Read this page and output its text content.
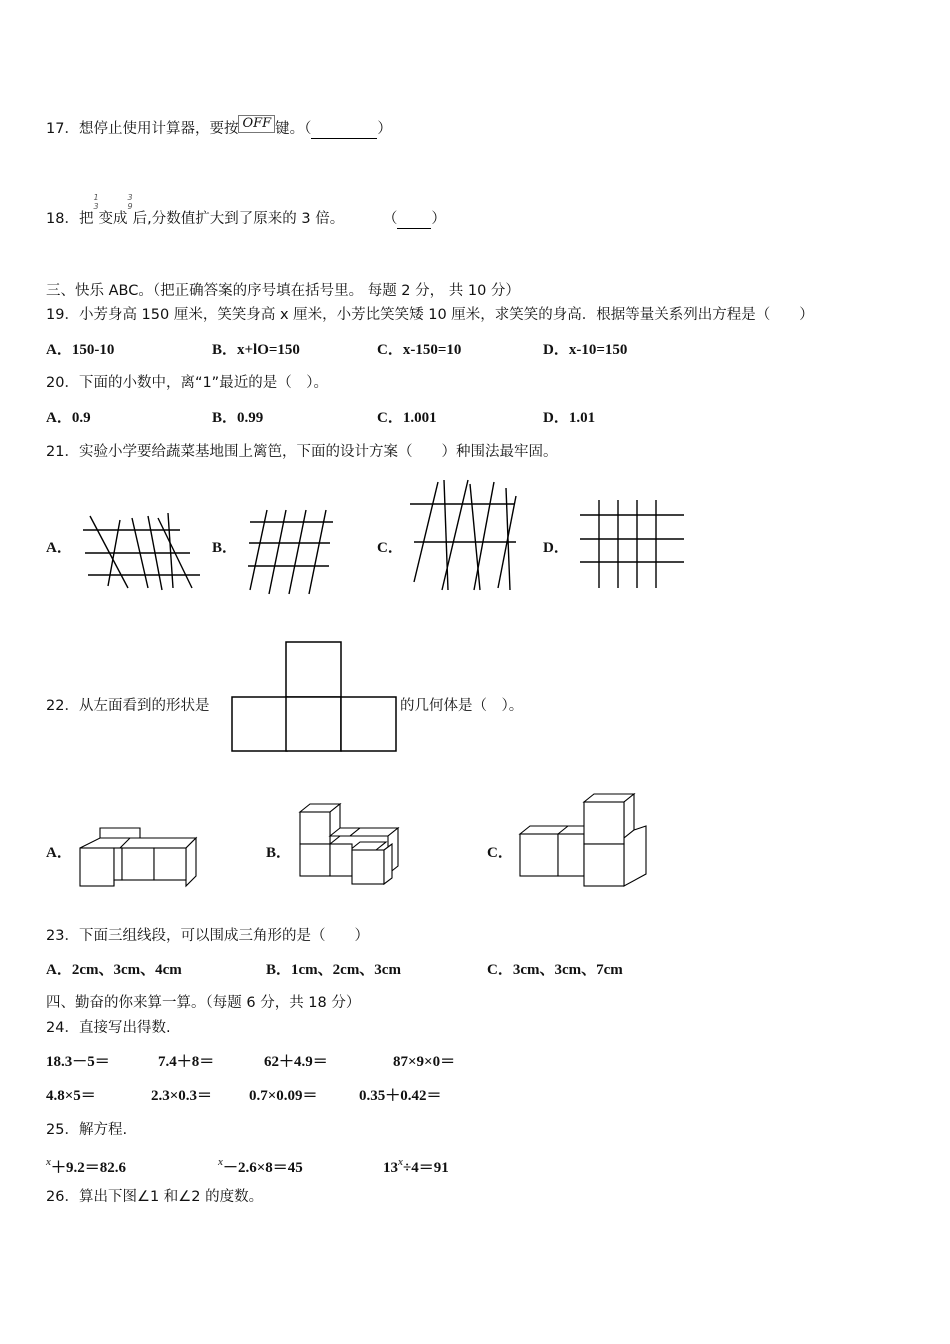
17．想停止使用计算器，要按 OFF 键。（	）
18．把1
3变成3
9后,分数值扩大到了原来的 3 倍。	（ ）
三、快乐 ABC。（把正确答案的序号填在括号里。 每题 2 分， 共 10 分）
19．小芳身高 150 厘米，笑笑身高 x 厘米，小芳比笑笑矮 10 厘米，求笑笑的身高．根据等量关系列出方程是（　　）
A．150-10	B．x+lO=150	C．x-150=10	D．x-10=150
20．下面的小数中，离“1”最近的是（　）。
A．0.9	B．0.99	C．1.001	D．1.01
21．实验小学要给蔬菜基地围上篱笆，下面的设计方案（　　）种围法最牢固。
A．	B．	C．	D．
22．从左面看到的形状是	的几何体是（　）。
A．	B．	C．
23．下面三组线段，可以围成三角形的是（　　）
A．2cm、3cm、4cm	B．1cm、2cm、3cm	C．3cm、3cm、7cm
四、勤奋的你来算一算。（每题 6 分，共 18 分）
24．直接写出得数.
18.3－5＝	7.4＋8＝	62＋4.9＝	87×9×0＝
4.8×5＝	2.3×0.3＝ 0.7×0.09＝	0.35＋0.42＝
25．解方程.
$^x$＋9.2＝82.6	$^x$－2.6×8＝45	$13^x\div 4=91$
26．算出下图∠1 和∠2 的度数。
